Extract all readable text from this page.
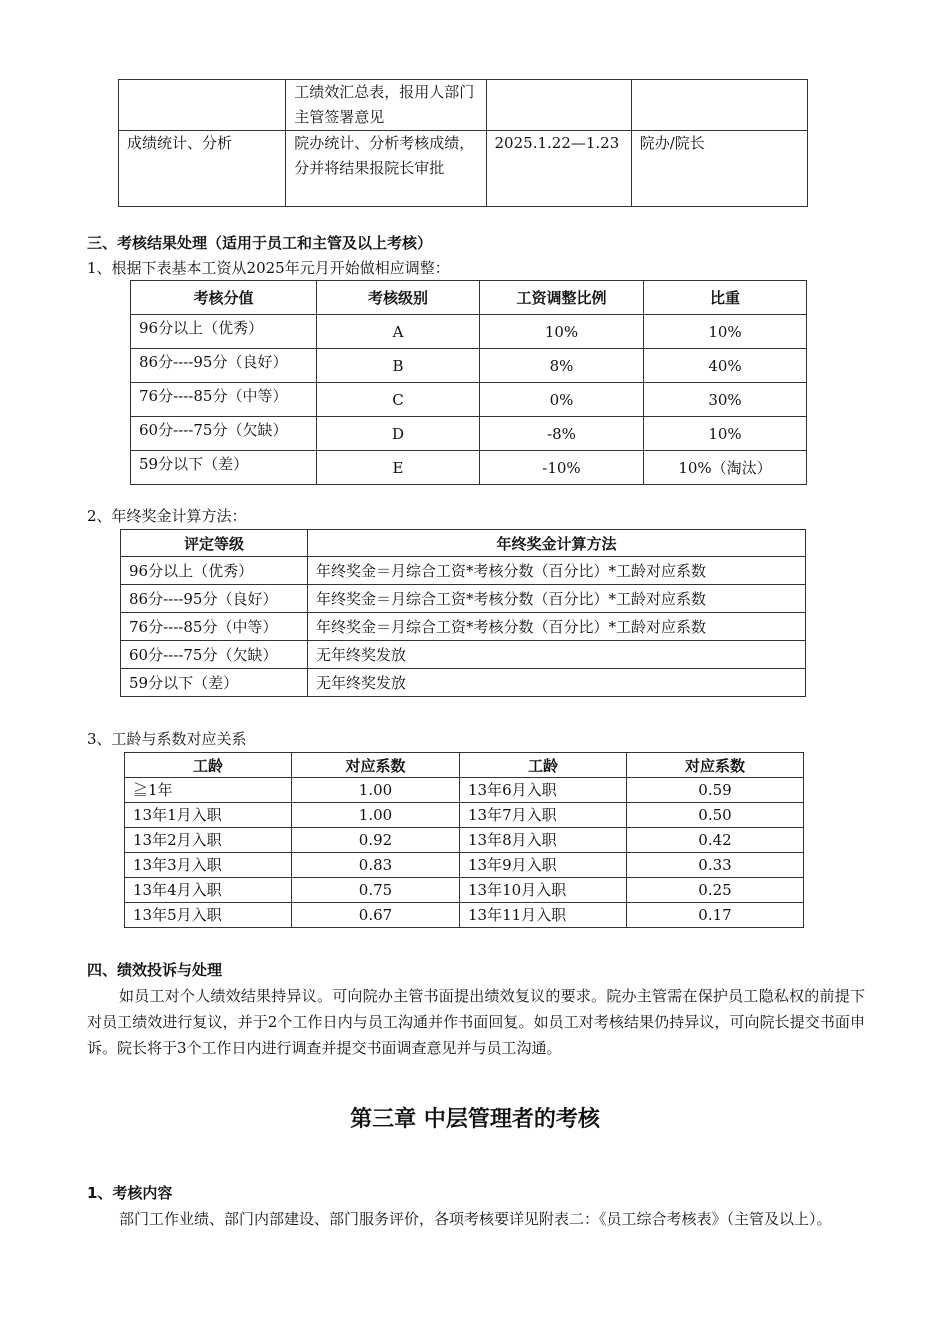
	工绩效汇总表，报用人部门主管签署意见		
成绩统计、分析	院办统计、分析考核成绩，分并将结果报院长审批	2025.1.22—1.23	院办/院长
三、考核结果处理（适用于员工和主管及以上考核）
1、根据下表基本工资从2025年元月开始做相应调整：
考核分值	考核级别	工资调整比例	比重
96分以上（优秀）	A	10%	10%
86分----95分（良好）	B	8%	40%
76分----85分（中等）	C	0%	30%
60分----75分（欠缺）	D	-8%	10%
59分以下（差）	E	-10%	10%（淘汰）
2、年终奖金计算方法：
评定等级	年终奖金计算方法
96分以上（优秀）	年终奖金＝月综合工资*考核分数（百分比）*工龄对应系数
86分----95分（良好）	年终奖金＝月综合工资*考核分数（百分比）*工龄对应系数
76分----85分（中等）	年终奖金＝月综合工资*考核分数（百分比）*工龄对应系数
60分----75分（欠缺）	无年终奖发放
59分以下（差）	无年终奖发放
3、工龄与系数对应关系
工龄	对应系数	工龄	对应系数
≧1年	1.00	13年6月入职	0.59
13年1月入职	1.00	13年7月入职	0.50
13年2月入职	0.92	13年8月入职	0.42
13年3月入职	0.83	13年9月入职	0.33
13年4月入职	0.75	13年10月入职	0.25
13年5月入职	0.67	13年11月入职	0.17
四、绩效投诉与处理
如员工对个人绩效结果持异议。可向院办主管书面提出绩效复议的要求。院办主管需在保护员工隐私权的前提下对员工绩效进行复议，并于2个工作日内与员工沟通并作书面回复。如员工对考核结果仍持异议，可向院长提交书面申诉。院长将于3个工作日内进行调查并提交书面调查意见并与员工沟通。
第三章 中层管理者的考核
1、考核内容
部门工作业绩、部门内部建设、部门服务评价，各项考核要详见附表二：《员工综合考核表》（主管及以上）。
